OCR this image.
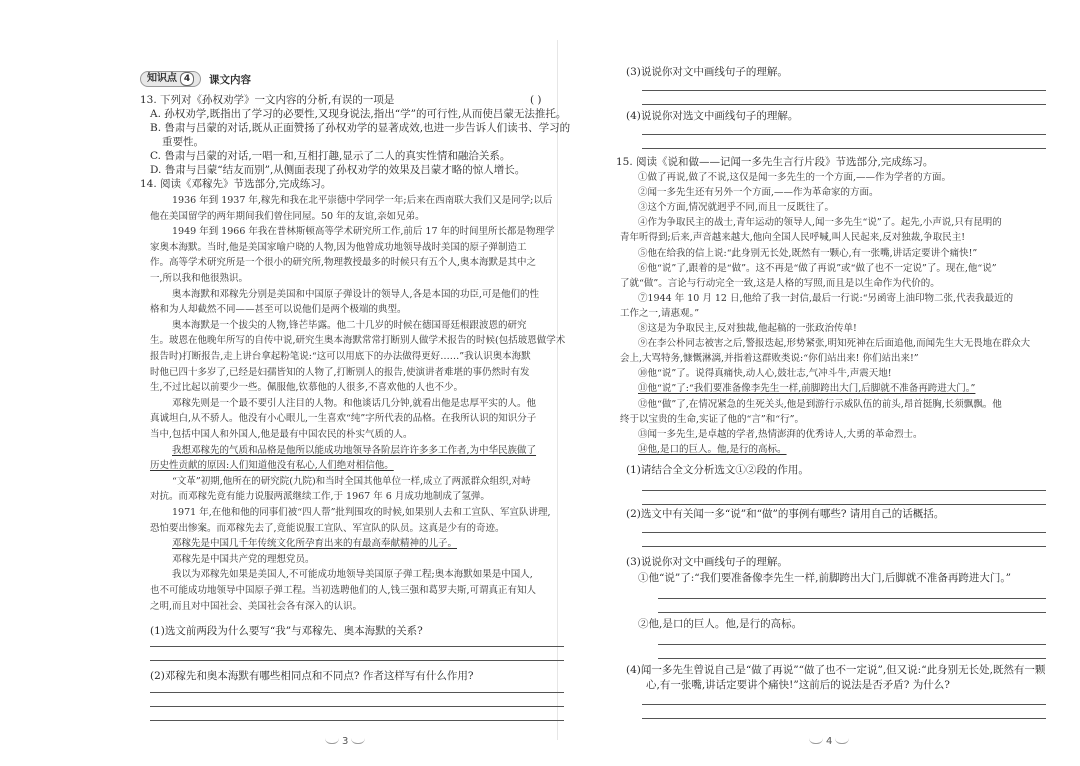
知识点 4	课文内容
13. 下列对《孙权劝学》一文内容的分析,有误的一项是	( )
A. 孙权劝学,既指出了学习的必要性,又现身说法,指出“学”的可行性,从而使吕蒙无法推托。
B. 鲁肃与吕蒙的对话,既从正面赞扬了孙权劝学的显著成效,也进一步告诉人们读书、学习的
重要性。
C. 鲁肃与吕蒙的对话,一唱一和,互相打趣,显示了二人的真实性情和融洽关系。
D. 鲁肃与吕蒙“结友而别”,从侧面表现了孙权劝学的效果及吕蒙才略的惊人增长。
14. 阅读《邓稼先》节选部分,完成练习。
1936 年到 1937 年,稼先和我在北平崇德中学同学一年;后来在西南联大我们又是同学;以后
他在美国留学的两年期间我们曾住同屋。50 年的友谊,亲如兄弟。
1949 年到 1966 年我在普林斯顿高等学术研究所工作,前后 17 年的时间里所长都是物理学
家奥本海默。当时,他是美国家喻户晓的人物,因为他曾成功地领导战时美国的原子弹制造工
作。高等学术研究所是一个很小的研究所,物理教授最多的时候只有五个人,奥本海默是其中之
一,所以我和他很熟识。
奥本海默和邓稼先分别是美国和中国原子弹设计的领导人,各是本国的功臣,可是他们的性
格和为人却截然不同——甚至可以说他们是两个极端的典型。
奥本海默是一个拔尖的人物,锋芒毕露。他二十几岁的时候在德国哥廷根跟波恩的研究
生。玻恩在他晚年所写的自传中说,研究生奥本海默常常打断别人做学术报告的时候(包括玻恩做学术
报告时)打断报告,走上讲台拿起粉笔说:“这可以用底下的办法做得更好……”我认识奥本海默
时他已四十多岁了,已经是妇孺皆知的人物了,打断别人的报告,使演讲者难堪的事仍然时有发
生,不过比起以前要少一些。佩服他,钦慕他的人很多,不喜欢他的人也不少。
邓稼先则是一个最不要引人注目的人物。和他谈话几分钟,就看出他是忠厚平实的人。他
真诚坦白,从不骄人。他没有小心眼儿,一生喜欢“纯”字所代表的品格。在我所认识的知识分子
当中,包括中国人和外国人,他是最有中国农民的朴实气质的人。
我想邓稼先的气质和品格是他所以能成功地领导各阶层许许多多工作者,为中华民族做了
历史性贡献的原因:人们知道他没有私心,人们绝对相信他。
“文革”初期,他所在的研究院(九院)和当时全国其他单位一样,成立了两派群众组织,对峙
对抗。而邓稼先竟有能力说服两派继续工作,于 1967 年 6 月成功地制成了氢弹。
1971 年,在他和他的同事们被“四人帮”批判围攻的时候,如果别人去和工宣队、军宣队讲理,
恐怕要出惨案。而邓稼先去了,竟能说服工宣队、军宣队的队员。这真是少有的奇迹。
邓稼先是中国几千年传统文化所孕育出来的有最高奉献精神的儿子。
邓稼先是中国共产党的理想党员。
我以为邓稼先如果是美国人,不可能成功地领导美国原子弹工程;奥本海默如果是中国人,
也不可能成功地领导中国原子弹工程。当初选聘他们的人,钱三强和葛罗夫斯,可谓真正有知人
之明,而且对中国社会、美国社会各有深入的认识。
(1)选文前两段为什么要写“我”与邓稼先、奥本海默的关系?
(2)邓稼先和奥本海默有哪些相同点和不同点? 作者这样写有什么作用?
3
(3)说说你对文中画线句子的理解。
(4)说说你对选文中画线句子的理解。
15. 阅读《说和做——记闻一多先生言行片段》节选部分,完成练习。
①做了再说,做了不说,这仅是闻一多先生的一个方面,——作为学者的方面。
②闻一多先生还有另外一个方面,——作为革命家的方面。
③这个方面,情况就迥乎不同,而且一反既往了。
④作为争取民主的战士,青年运动的领导人,闻一多先生“说”了。起先,小声说,只有昆明的
青年听得到;后来,声音越来越大,他向全国人民呼喊,叫人民起来,反对独裁,争取民主!
⑤他在给我的信上说:“此身别无长处,既然有一颗心,有一张嘴,讲话定要讲个痛快!”
⑥他“说”了,跟着的是“做”。这不再是“做了再说”或“做了也不一定说”了。现在,他“说”
了就“做”。言论与行动完全一致,这是人格的写照,而且是以生命作为代价的。
⑦1944 年 10 月 12 日,他给了我一封信,最后一行说:“另函寄上油印物二张,代表我最近的
工作之一,请惠观。”
⑧这是为争取民主,反对独裁,他起稿的一张政治传单!
⑨在李公朴同志被害之后,警报迭起,形势紧张,明知死神在后面追他,而闻先生大无畏地在群众大
会上,大骂特务,慷慨淋漓,并指着这群败类说:“你们站出来! 你们站出来!”
⑩他“说”了。说得真痛快,动人心,鼓壮志,气冲斗牛,声震天地!
⑪他“说”了:“我们要准备像李先生一样,前脚跨出大门,后脚就不准备再跨进大门。”
⑫他“做”了,在情况紧急的生死关头,他是到游行示威队伍的前头,昂首挺胸,长须飘飘。他
终于以宝贵的生命,实证了他的“言”和“行”。
⑬闻一多先生,是卓越的学者,热情澎湃的优秀诗人,大勇的革命烈士。
⑭他,是口的巨人。他,是行的高标。
(1)请结合全文分析选文①②段的作用。
(2)选文中有关闻一多“说”和“做”的事例有哪些? 请用自己的话概括。
(3)说说你对文中画线句子的理解。
①他“说”了:“我们要准备像李先生一样,前脚跨出大门,后脚就不准备再跨进大门。”
②他,是口的巨人。他,是行的高标。
(4)闻一多先生曾说自己是“做了再说”“做了也不一定说”,但又说:“此身别无长处,既然有一颗
心,有一张嘴,讲话定要讲个痛快!”这前后的说法是否矛盾? 为什么?
4
